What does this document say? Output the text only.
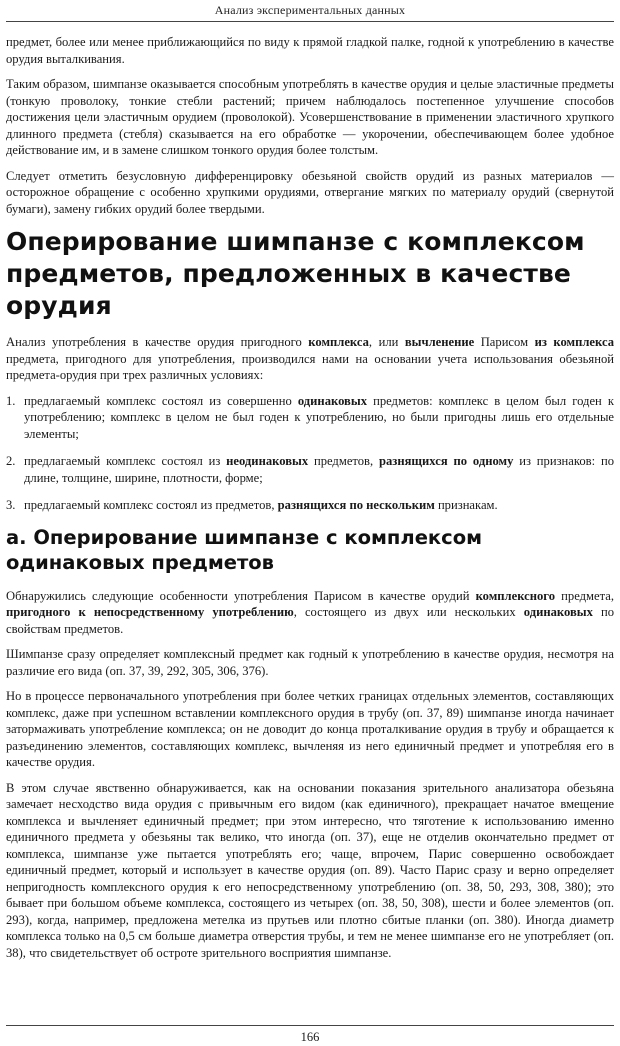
Анализ экспериментальных данных

предмет, более или менее приближающийся по виду к прямой гладкой палке, годной к употреблению в качестве орудия выталкивания.

Таким образом, шимпанзе оказывается способным употреблять в качестве орудия и целые эластичные предметы (тонкую проволоку, тонкие стебли растений; причем наблюдалось постепенное улучшение способов достижения цели эластичным орудием (проволокой). Усовершенствование в применении эластичного хрупкого длинного предмета (стебля) сказывается на его обработке — укорочении, обеспечивающем более удобное действование им, и в замене слишком тонкого орудия более толстым.

Следует отметить безусловную дифференцировку обезьяной свойств орудий из разных материалов — осторожное обращение с особенно хрупкими орудиями, отвергание мягких по материалу орудий (свернутой бумаги), замену гибких орудий более твердыми.

Оперирование шимпанзе с комплексом предметов, предложенных в качестве орудия

Анализ употребления в качестве орудия пригодного комплекса, или вычленение Парисом из комплекса предмета, пригодного для употребления, производился нами на основании учета использования обезьяной предмета-орудия при трех различных условиях:

1. предлагаемый комплекс состоял из совершенно одинаковых предметов: комплекс в целом был годен к употреблению; комплекс в целом не был годен к употреблению, но были пригодны лишь его отдельные элементы;
2. предлагаемый комплекс состоял из неодинаковых предметов, разнящихся по одному из признаков: по длине, толщине, ширине, плотности, форме;
3. предлагаемый комплекс состоял из предметов, разнящихся по нескольким признакам.
а. Оперирование шимпанзе с комплексом одинаковых предметов

Обнаружились следующие особенности употребления Парисом в качестве орудий комплексного предмета, пригодного к непосредственному употреблению, состоящего из двух или нескольких одинаковых по свойствам предметов.

Шимпанзе сразу определяет комплексный предмет как годный к употреблению в качестве орудия, несмотря на различие его вида (оп. 37, 39, 292, 305, 306, 376).

Но в процессе первоначального употребления при более четких границах отдельных элементов, составляющих комплекс, даже при успешном вставлении комплексного орудия в трубу (оп. 37, 89) шимпанзе иногда начинает затормаживать употребление комплекса; он не доводит до конца проталкивание орудия в трубу и обращается к разъединению элементов, составляющих комплекс, вычленяя из него единичный предмет и употребляя его в качестве орудия.

В этом случае явственно обнаруживается, как на основании показания зрительного анализатора обезьяна замечает несходство вида орудия с привычным его видом (как единичного), прекращает начатое вмещение комплекса и вычленяет единичный предмет; при этом интересно, что тяготение к использованию именно единичного предмета у обезьяны так велико, что иногда (оп. 37), еще не отделив окончательно предмет от комплекса, шимпанзе уже пытается употреблять его; чаще, впрочем, Парис совершенно освобождает единичный предмет, который и использует в качестве орудия (оп. 89). Часто Парис сразу и верно определяет непригодность комплексного орудия к его непосредственному употреблению (оп. 38, 50, 293, 308, 380); это бывает при большом объеме комплекса, состоящего из четырех (оп. 38, 50, 308), шести и более элементов (оп. 293), когда, например, предложена метелка из прутьев или плотно сбитые планки (оп. 380). Иногда диаметр комплекса только на 0,5 см больше диаметра отверстия трубы, и тем не менее шимпанзе его не употребляет (оп. 38), что свидетельствует об остроте зрительного восприятия шимпанзе.

166
